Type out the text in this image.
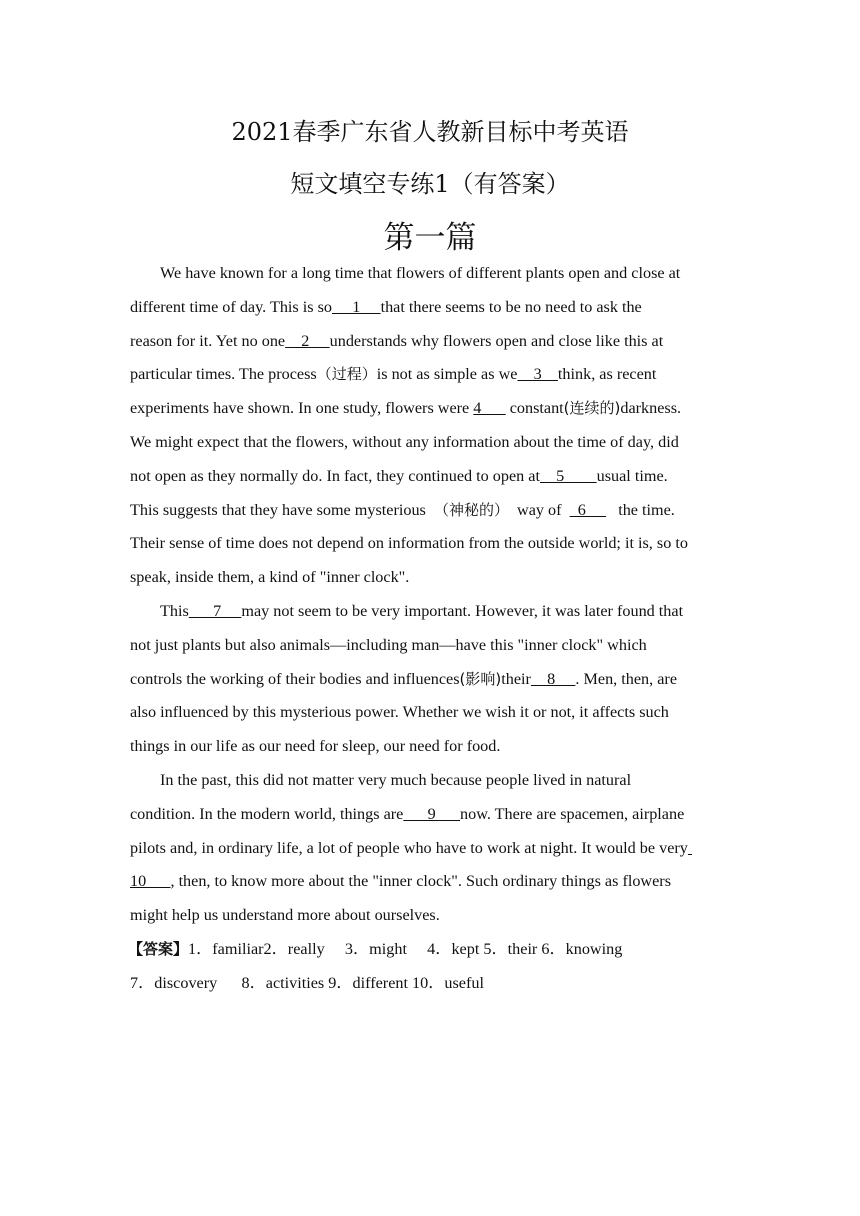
2021春季广东省人教新目标中考英语
短文填空专练1（有答案）
第一篇
We have known for a long time that flowers of different plants open and close at
different time of day. This is so     1     that there seems to be no need to ask the
reason for it. Yet no one    2     understands why flowers open and close like this at
particular times. The process（过程）is not as simple as we    3    think, as recent
experiments have shown. In one study, flowers were 4       constant(连续的)darkness.
We might expect that the flowers, without any information about the time of day, did
not open as they normally do. In fact, they continued to open at    5        usual time.
This suggests that they have some mysterious  （神秘的）  way of    6        the time.
Their sense of time does not depend on information from the outside world; it is, so to
speak, inside them, a kind of "inner clock".
This      7     may not seem to be very important. However, it was later found that
not just plants but also animals—including man—have this "inner clock" which
controls the working of their bodies and influences(影响)their    8     . Men, then, are
also influenced by this mysterious power. Whether we wish it or not, it affects such
things in our life as our need for sleep, our need for food.
In the past, this did not matter very much because people lived in natural
condition. In the modern world, things are      9      now. There are spacemen, airplane
pilots and, in ordinary life, a lot of people who have to work at night. It would be very
10      , then, to know more about the "inner clock". Such ordinary things as flowers
might help us understand more about ourselves.
【答案】1．familiar2．really     3．might     4．kept 5．their 6．knowing
7．discovery      8．activities 9．different 10．useful
